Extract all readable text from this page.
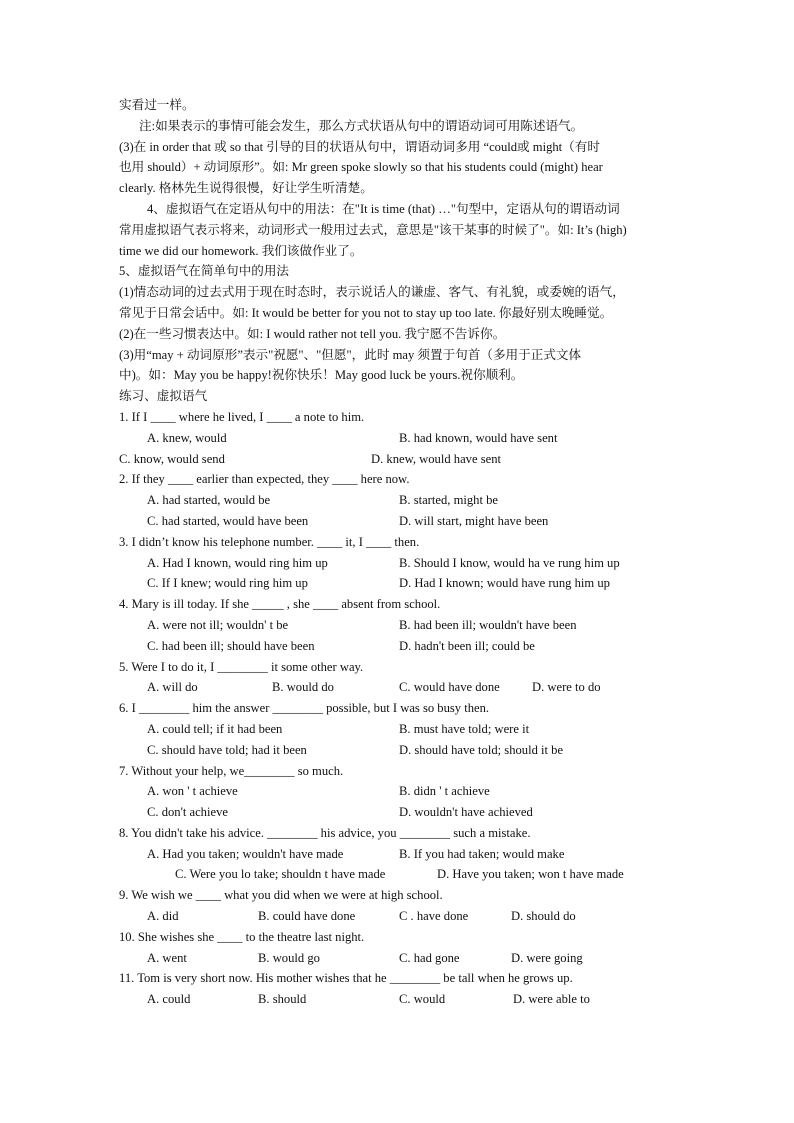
实看过一样。
注:如果表示的事情可能会发生，那么方式状语从句中的谓语动词可用陈述语气。
(3)在 in order that 或 so that 引导的目的状语从句中，谓语动词多用 “could或 might（有时
也用 should）+ 动词原形”。如: Mr green spoke slowly so that his students could (might) hear
clearly. 格林先生说得很慢，好让学生听清楚。
4、虚拟语气在定语从句中的用法：在"It is time (that) …"句型中，定语从句的谓语动词
常用虚拟语气表示将来，动词形式一般用过去式，意思是"该干某事的时候了"。如: It’s (high)
time we did our homework. 我们该做作业了。
5、虚拟语气在简单句中的用法
(1)情态动词的过去式用于现在时态时，表示说话人的谦虚、客气、有礼貌，或委婉的语气，
常见于日常会话中。如: It would be better for you not to stay up too late. 你最好别太晚睡觉。
(2)在一些习惯表达中。如: I would rather not tell you. 我宁愿不告诉你。
(3)用“may + 动词原形”表示"祝愿"、"但愿"，此时 may 须置于句首（多用于正式文体
中)。如：May you be happy!祝你快乐！May good luck be yours.祝你顺利。
练习、虚拟语气
1. If I ____ where he lived, I ____ a note to him.
A. knew, would	B. had known, would have sent
C. know, would send	D. knew, would have sent
2. If they ____ earlier than expected, they ____ here now.
A. had started, would be	B. started, might be
C. had started, would have been	D. will start, might have been
3. I didn’t know his telephone number. ____ it, I ____ then.
A. Had I known, would ring him up	B. Should I know, would ha ve rung him up
C. If I knew; would ring him up	D. Had I known; would have rung him up
4. Mary is ill today. If she _____ , she ____ absent from school.
A. were not ill; wouldn' t be	B. had been ill; wouldn't have been
C. had been ill; should have been	D. hadn't been ill; could be
5. Were I to do it, I ________ it some other way.
A. will do	B. would do	C. would have done	D. were to do
6. I ________ him the answer ________ possible, but I was so busy then.
A. could tell; if it had been	B. must have told; were it
C. should have told; had it been	D. should have told; should it be
7. Without your help, we________ so much.
A. won ' t achieve	B. didn ' t achieve
C. don't achieve	D. wouldn't have achieved
8. You didn't take his advice. ________ his advice, you ________ such a mistake.
A. Had you taken; wouldn't have made	B. If you had taken; would make
C. Were you lo take; shouldn t have made	D. Have you taken; won t have made
9. We wish we ____ what you did when we were at high school.
A. did	B. could have done	C . have done	D. should do
10. She wishes she ____ to the theatre last night.
A. went	B. would go	C. had gone	D. were going
11. Tom is very short now. His mother wishes that he ________ be tall when he grows up.
A. could	B. should	C. would	D. were able to
